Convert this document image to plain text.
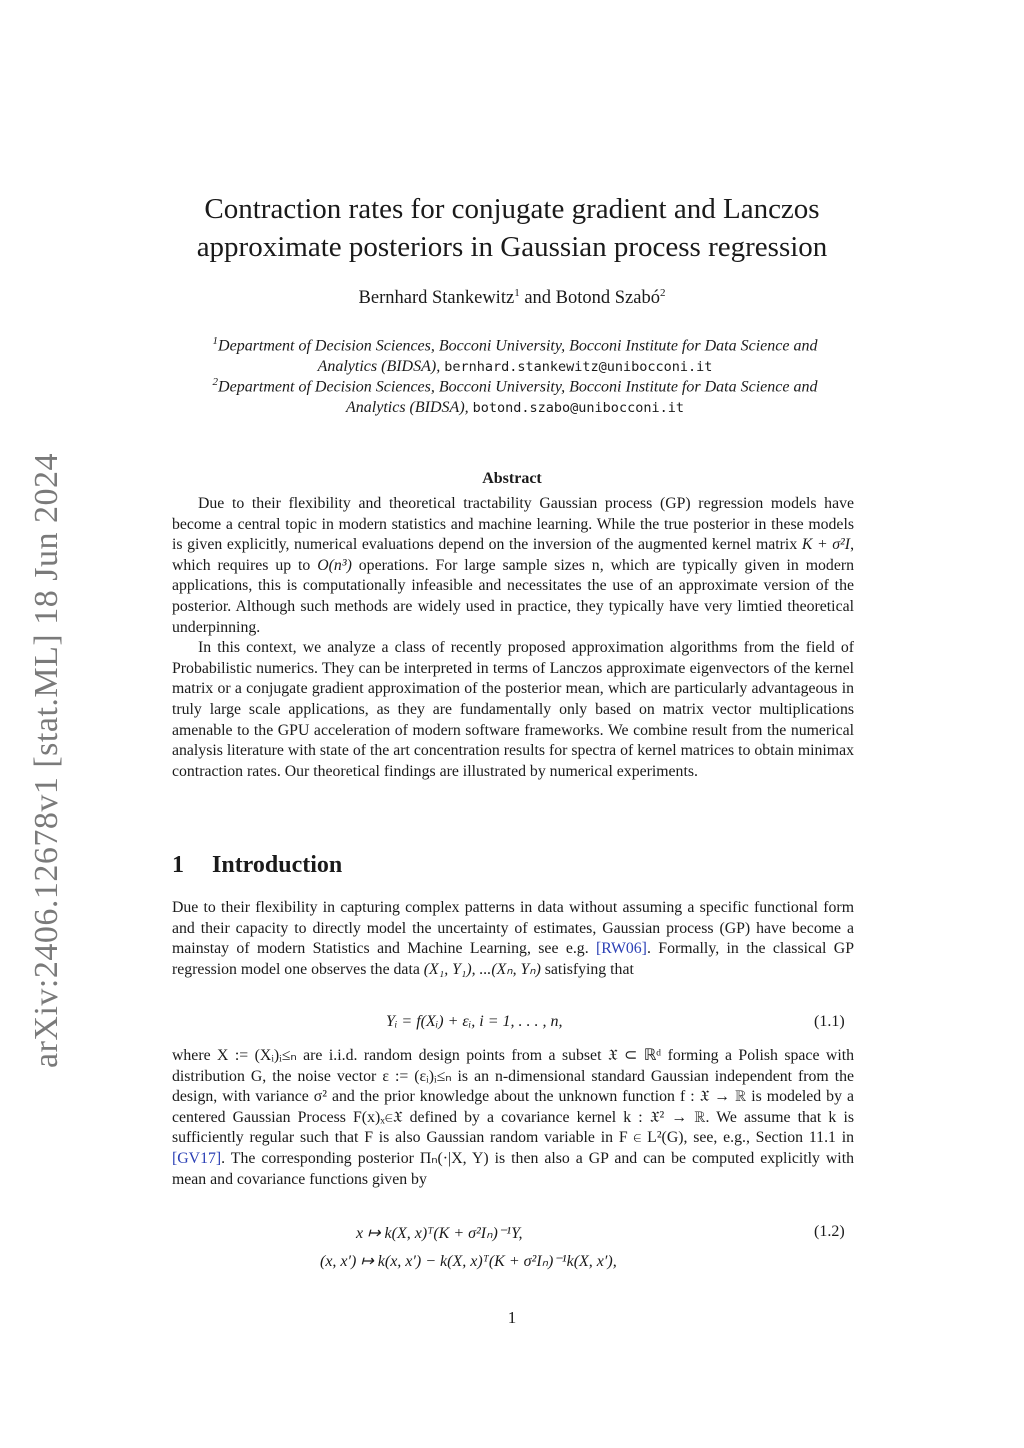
arXiv:2406.12678v1 [stat.ML] 18 Jun 2024
Contraction rates for conjugate gradient and Lanczos
approximate posteriors in Gaussian process regression
Bernhard Stankewitz$^1$ and Botond Szabó$^2$
$^1$Department of Decision Sciences, Bocconi University, Bocconi Institute for Data Science and
Analytics (BIDSA), bernhard.stankewitz@unibocconi.it
$^2$Department of Decision Sciences, Bocconi University, Bocconi Institute for Data Science and
Analytics (BIDSA), botond.szabo@unibocconi.it
Abstract

Due to their flexibility and theoretical tractability Gaussian process (GP) regression models have become a central topic in modern statistics and machine learning. While the true posterior in these models is given explicitly, numerical evaluations depend on the inversion of the augmented kernel matrix K + σ²I, which requires up to O(n³) operations. For large sample sizes n, which are typically given in modern applications, this is computationally infeasible and necessitates the use of an approximate version of the posterior. Although such methods are widely used in practice, they typically have very limtied theoretical underpinning.

In this context, we analyze a class of recently proposed approximation algorithms from the field of Probabilistic numerics. They can be interpreted in terms of Lanczos approximate eigenvectors of the kernel matrix or a conjugate gradient approximation of the posterior mean, which are particularly advantageous in truly large scale applications, as they are fundamentally only based on matrix vector multiplications amenable to the GPU acceleration of modern software frameworks. We combine result from the numerical analysis literature with state of the art concentration results for spectra of kernel matrices to obtain minimax contraction rates. Our theoretical findings are illustrated by numerical experiments.

1 Introduction

Due to their flexibility in capturing complex patterns in data without assuming a specific functional form and their capacity to directly model the uncertainty of estimates, Gaussian process (GP) have become a mainstay of modern Statistics and Machine Learning, see e.g. [RW06]. Formally, in the classical GP regression model one observes the data (X₁, Y₁), ...(Xₙ, Yₙ) satisfying that

Yᵢ = f(Xᵢ) + εᵢ, i = 1, . . . , n,	(1.1)

where X := (Xᵢ)ᵢ≤ₙ are i.i.d. random design points from a subset 𝔛 ⊂ ℝᵈ forming a Polish space with distribution G, the noise vector ε := (εᵢ)ᵢ≤ₙ is an n-dimensional standard Gaussian independent from the design, with variance σ² and the prior knowledge about the unknown function f : 𝔛 → ℝ is modeled by a centered Gaussian Process F(x)ₓ∈𝔛 defined by a covariance kernel k : 𝔛² → ℝ. We assume that k is sufficiently regular such that F is also Gaussian random variable in F ∈ L²(G), see, e.g., Section 11.1 in [GV17]. The corresponding posterior Πₙ(·|X, Y) is then also a GP and can be computed explicitly with mean and covariance functions given by

x ↦ k(X, x)ᵀ(K + σ²Iₙ)⁻¹Y,	(1.2)
(x, x′) ↦ k(x, x′) − k(X, x)ᵀ(K + σ²Iₙ)⁻¹k(X, x′),
1
